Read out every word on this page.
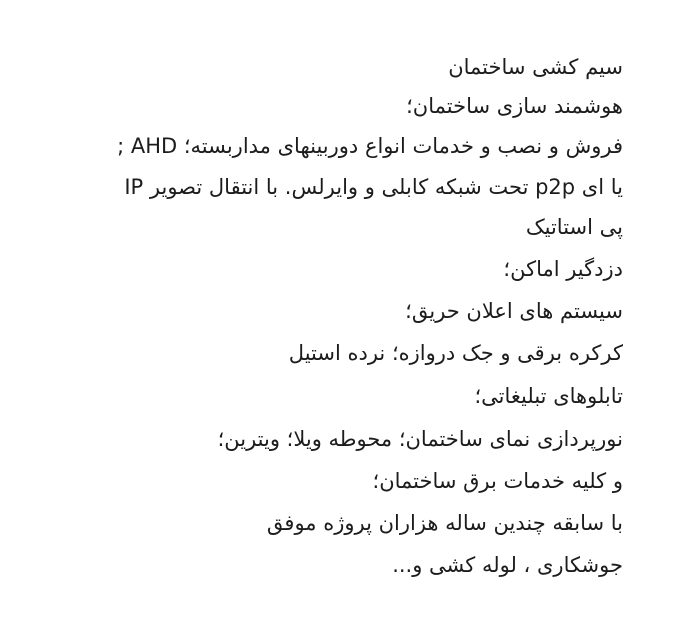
سیم کشی ساختمان
هوشمند سازی ساختمان؛
فروش و نصب و خدمات انواع دوربینهای مداربسته؛ AHD ;
IP تحت شبکه کابلی و وایرلس. با انتقال تصویر p2p یا ای
پی استاتیک
دزدگیر اماکن؛
سیستم های اعلان حریق؛
کرکره برقی و جک دروازه؛ نرده استیل
تابلوهای تبلیغاتی؛
نورپردازی نمای ساختمان؛ محوطه ویلا؛ ویترین؛
و کلیه خدمات برق ساختمان؛
با سابقه چندین ساله هزاران پروژه موفق
جوشکاری ، لوله کشی و...
